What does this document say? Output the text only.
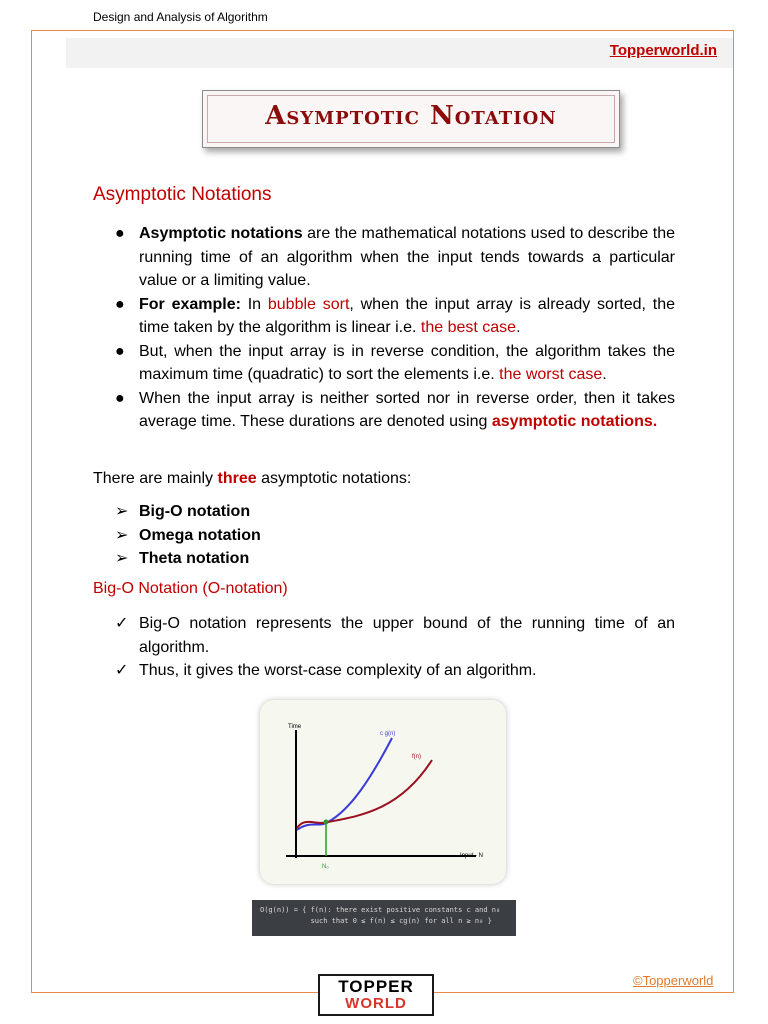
Design and Analysis of Algorithm
Topperworld.in
Asymptotic Notation
Asymptotic Notations
● Asymptotic notations are the mathematical notations used to describe the running time of an algorithm when the input tends towards a particular value or a limiting value.
● For example: In bubble sort, when the input array is already sorted, the time taken by the algorithm is linear i.e. the best case.
● But, when the input array is in reverse condition, the algorithm takes the maximum time (quadratic) to sort the elements i.e. the worst case.
● When the input array is neither sorted nor in reverse order, then it takes average time. These durations are denoted using asymptotic notations.
There are mainly three asymptotic notations:
➢ Big-O notation
➢ Omega notation
➢ Theta notation
Big-O Notation (O-notation)
✓ Big-O notation represents the upper bound of the running time of an algorithm.
✓ Thus, it gives the worst-case complexity of an algorithm.
Time
Input - N
c g(n)
f(n)
N₀
O(g(n)) = { f(n): there exist positive constants c and n₀
such that 0 ≤ f(n) ≤ cg(n) for all n ≥ n₀ }
TOPPER
WORLD
©Topperworld
